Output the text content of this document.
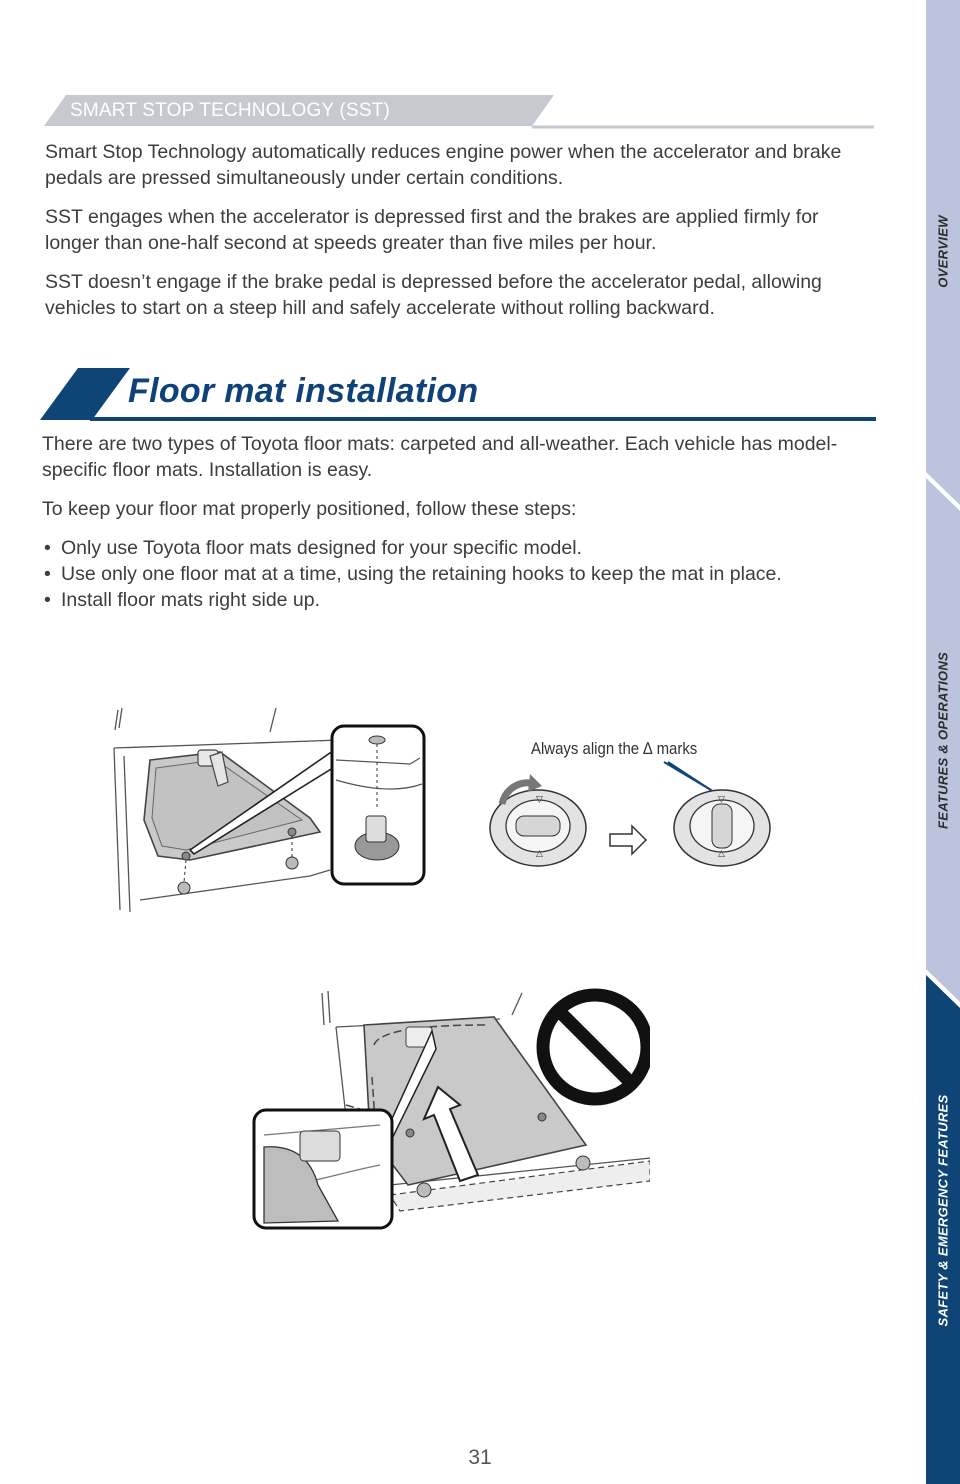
OVERVIEW
FEATURES & OPERATIONS
SAFETY & EMERGENCY FEATURES
SMART STOP TECHNOLOGY (SST)

Smart Stop Technology automatically reduces engine power when the accelerator and brake pedals are pressed simultaneously under certain conditions.

SST engages when the accelerator is depressed first and the brakes are applied firmly for longer than one-half second at speeds greater than five miles per hour.

SST doesn’t engage if the brake pedal is depressed before the accelerator pedal, allowing vehicles to start on a steep hill and safely accelerate without rolling backward.

Floor mat installation

There are two types of Toyota floor mats: carpeted and all-weather. Each vehicle has model-specific floor mats. Installation is easy.

To keep your floor mat properly positioned, follow these steps:

• Only use Toyota floor mats designed for your specific model.
• Use only one floor mat at a time, using the retaining hooks to keep the mat in place.
• Install floor mats right side up.
Always align the ∆ marks
▽
△
▽
△
31
